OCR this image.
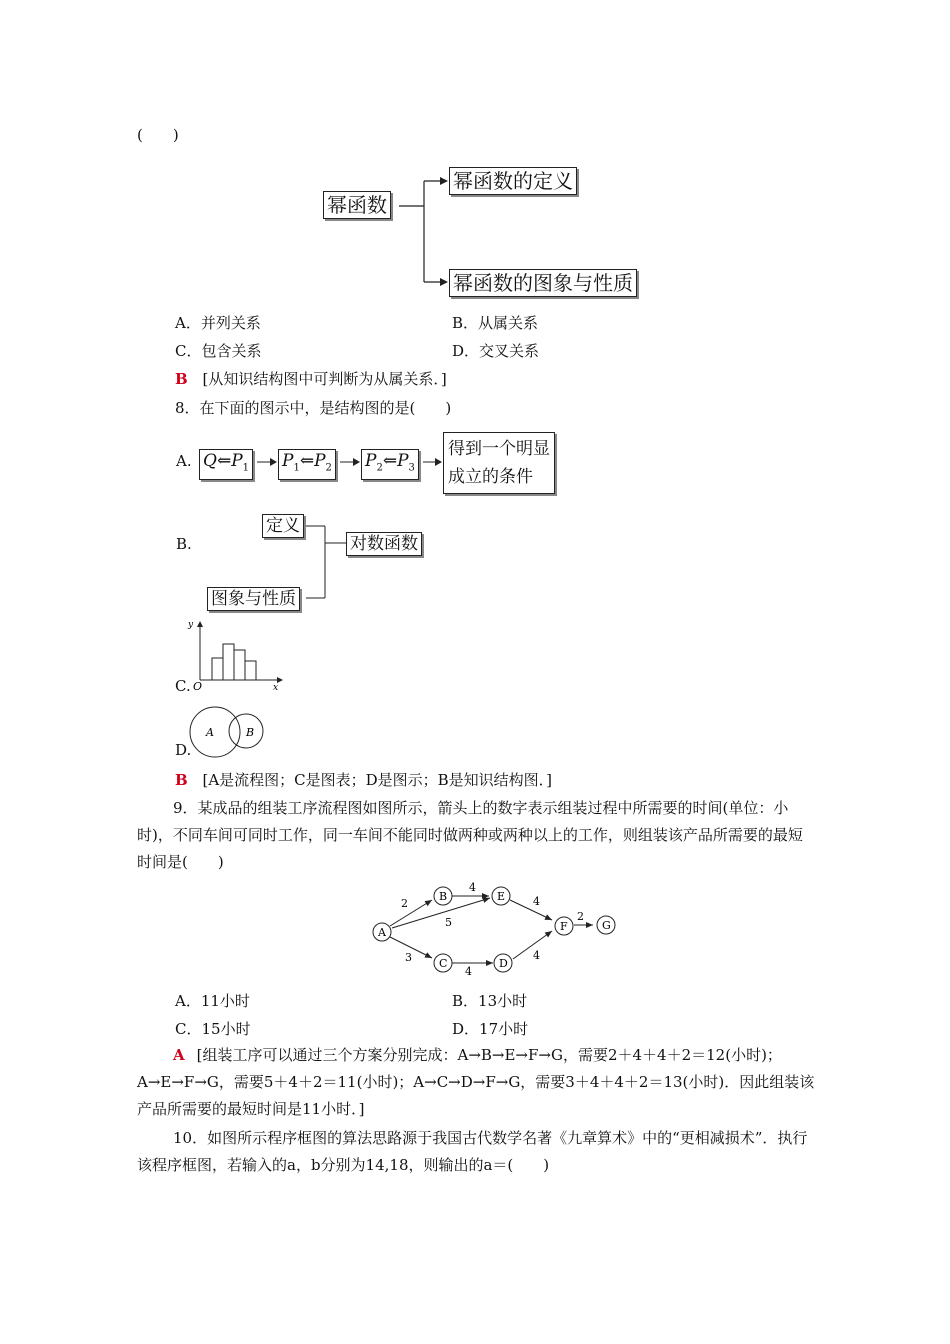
(　　)
幂函数
幂函数的定义
幂函数的图象与性质
A．并列关系	B．从属关系
C．包含关系	D．交叉关系
B [从知识结构图中可判断为从属关系．]
8．在下面的图示中，是结构图的是(　　)
A. $Q⇐P_1$ $P_1⇐P_2$ $P_2⇐P_3$
得到一个明显
成立的条件
B.
定义
对数函数
图象与性质
C.
y
x
O
D.
A	B
B [A是流程图；C是图表；D是图示；B是知识结构图．]
9．某成品的组装工序流程图如图所示，箭头上的数字表示组装过程中所需要的时间(单位：小时)，不同车间可同时工作，同一车间不能同时做两种或两种以上的工作，则组装该产品所需要的最短时间是(　　)
A
B
C	D
E
F	G
2
3
5
4
4
4
4
2
A．11小时	B．13小时
C．15小时	D．17小时
A [组装工序可以通过三个方案分别完成：A→B→E→F→G，需要2＋4＋4＋2＝12(小时)；A→E→F→G，需要5＋4＋2＝11(小时)；A→C→D→F→G，需要3＋4＋4＋2＝13(小时)．因此组装该产品所需要的最短时间是11小时．]
10．如图所示程序框图的算法思路源于我国古代数学名著《九章算术》中的“更相减损术”．执行该程序框图，若输入的a，b分别为14,18，则输出的a＝(　　)
